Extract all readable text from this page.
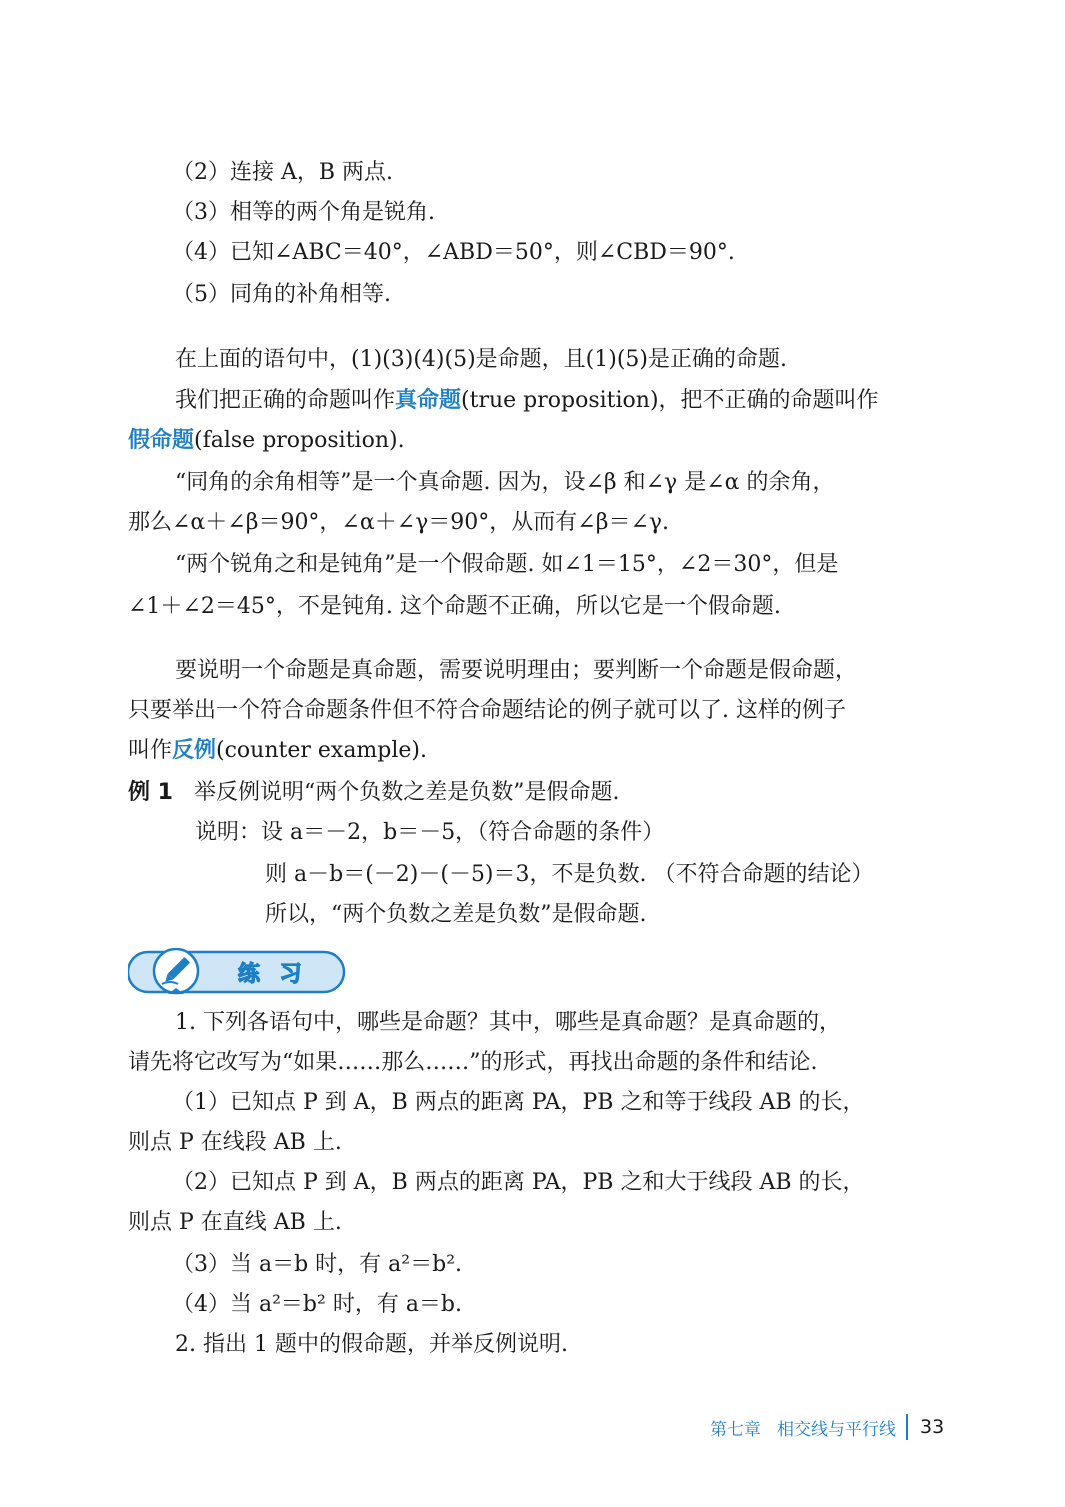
（2）连接 A，B 两点.
（3）相等的两个角是锐角.
（4）已知∠ABC＝40°，∠ABD＝50°，则∠CBD＝90°.
（5）同角的补角相等.
在上面的语句中，(1)(3)(4)(5)是命题，且(1)(5)是正确的命题.
我们把正确的命题叫作真命题(true proposition)，把不正确的命题叫作
假命题(false proposition).
“同角的余角相等”是一个真命题. 因为，设∠β 和∠γ 是∠α 的余角，
那么∠α＋∠β＝90°，∠α＋∠γ＝90°，从而有∠β＝∠γ.
“两个锐角之和是钝角”是一个假命题. 如∠1＝15°，∠2＝30°，但是
∠1＋∠2＝45°，不是钝角. 这个命题不正确，所以它是一个假命题.
要说明一个命题是真命题，需要说明理由；要判断一个命题是假命题，
只要举出一个符合命题条件但不符合命题结论的例子就可以了. 这样的例子
叫作反例(counter example).
例 1 举反例说明“两个负数之差是负数”是假命题.
说明：设 a＝－2，b＝－5，（符合命题的条件）
则 a－b＝(－2)－(－5)＝3，不是负数. （不符合命题的结论）
所以，“两个负数之差是负数”是假命题.
练 习
1. 下列各语句中，哪些是命题？其中，哪些是真命题？是真命题的，
请先将它改写为“如果……那么……”的形式，再找出命题的条件和结论.
（1）已知点 P 到 A，B 两点的距离 PA，PB 之和等于线段 AB 的长，
则点 P 在线段 AB 上.
（2）已知点 P 到 A，B 两点的距离 PA，PB 之和大于线段 AB 的长，
则点 P 在直线 AB 上.
（3）当 a＝b 时，有 a²＝b².
（4）当 a²＝b² 时，有 a＝b.
2. 指出 1 题中的假命题，并举反例说明.
第七章 相交线与平行线 33
